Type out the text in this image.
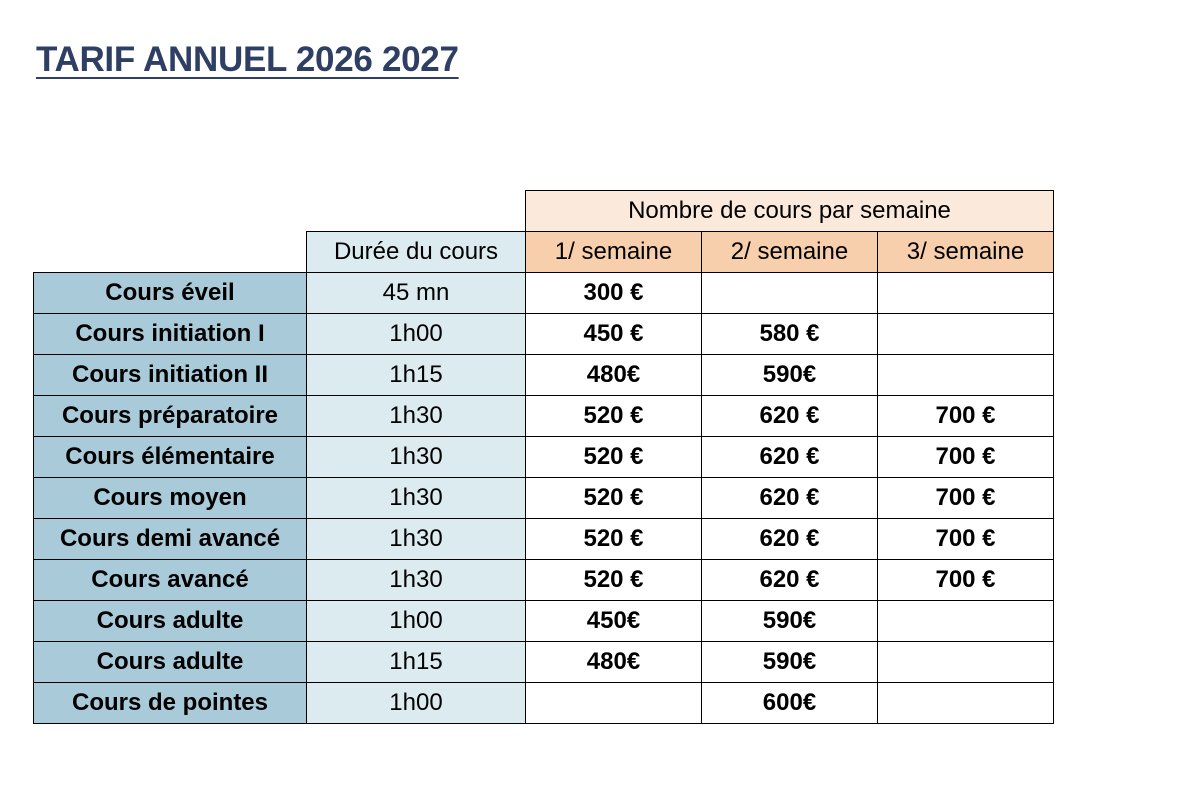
TARIF ANNUEL 2026 2027
		Nombre de cours par semaine		
	Durée du cours	1/ semaine	2/ semaine	3/ semaine
Cours éveil	45 mn	300 €		
Cours initiation I	1h00	450 €	580 €	
Cours initiation II	1h15	480€	590€	
Cours préparatoire	1h30	520 €	620 €	700 €
Cours élémentaire	1h30	520 €	620 €	700 €
Cours moyen	1h30	520 €	620 €	700 €
Cours demi avancé	1h30	520 €	620 €	700 €
Cours avancé	1h30	520 €	620 €	700 €
Cours adulte	1h00	450€	590€	
Cours adulte	1h15	480€	590€	
Cours de pointes	1h00		600€	
